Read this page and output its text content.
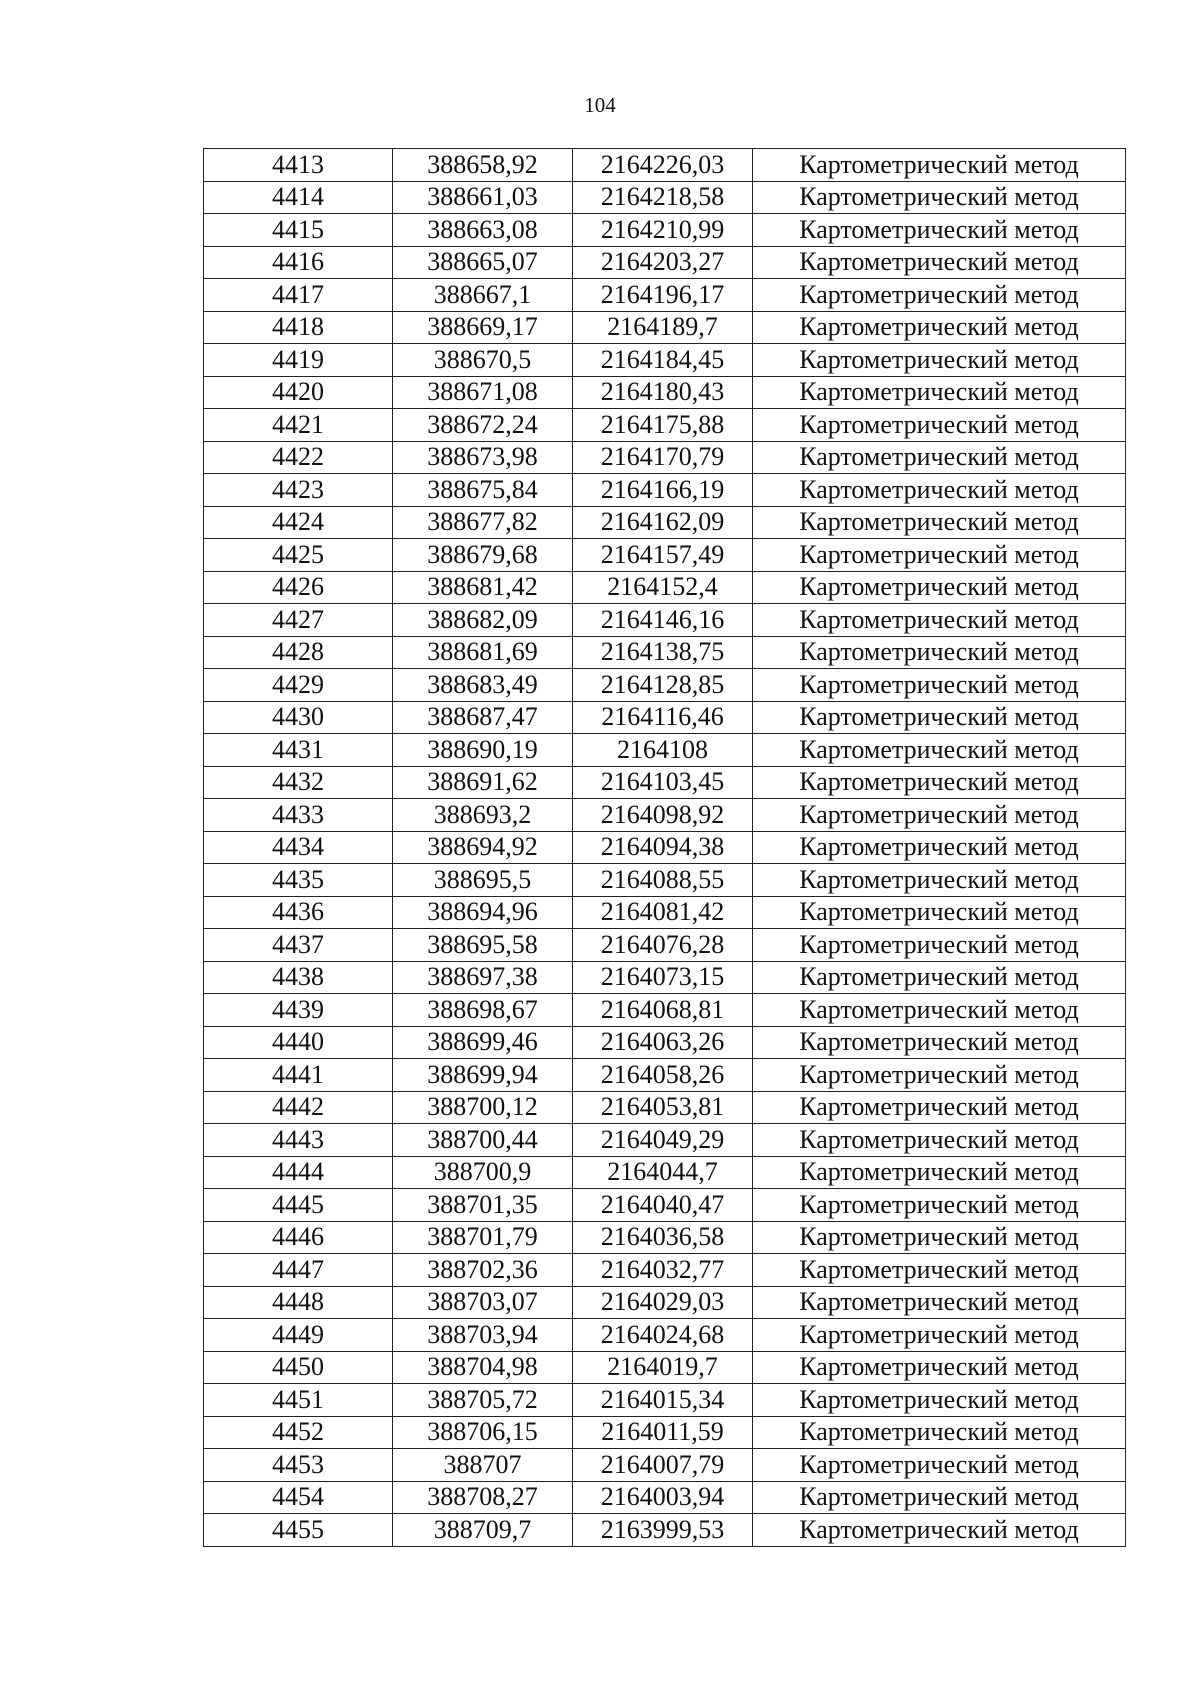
104
4413	388658,92	2164226,03	Картометрический метод
4414	388661,03	2164218,58	Картометрический метод
4415	388663,08	2164210,99	Картометрический метод
4416	388665,07	2164203,27	Картометрический метод
4417	388667,1	2164196,17	Картометрический метод
4418	388669,17	2164189,7	Картометрический метод
4419	388670,5	2164184,45	Картометрический метод
4420	388671,08	2164180,43	Картометрический метод
4421	388672,24	2164175,88	Картометрический метод
4422	388673,98	2164170,79	Картометрический метод
4423	388675,84	2164166,19	Картометрический метод
4424	388677,82	2164162,09	Картометрический метод
4425	388679,68	2164157,49	Картометрический метод
4426	388681,42	2164152,4	Картометрический метод
4427	388682,09	2164146,16	Картометрический метод
4428	388681,69	2164138,75	Картометрический метод
4429	388683,49	2164128,85	Картометрический метод
4430	388687,47	2164116,46	Картометрический метод
4431	388690,19	2164108	Картометрический метод
4432	388691,62	2164103,45	Картометрический метод
4433	388693,2	2164098,92	Картометрический метод
4434	388694,92	2164094,38	Картометрический метод
4435	388695,5	2164088,55	Картометрический метод
4436	388694,96	2164081,42	Картометрический метод
4437	388695,58	2164076,28	Картометрический метод
4438	388697,38	2164073,15	Картометрический метод
4439	388698,67	2164068,81	Картометрический метод
4440	388699,46	2164063,26	Картометрический метод
4441	388699,94	2164058,26	Картометрический метод
4442	388700,12	2164053,81	Картометрический метод
4443	388700,44	2164049,29	Картометрический метод
4444	388700,9	2164044,7	Картометрический метод
4445	388701,35	2164040,47	Картометрический метод
4446	388701,79	2164036,58	Картометрический метод
4447	388702,36	2164032,77	Картометрический метод
4448	388703,07	2164029,03	Картометрический метод
4449	388703,94	2164024,68	Картометрический метод
4450	388704,98	2164019,7	Картометрический метод
4451	388705,72	2164015,34	Картометрический метод
4452	388706,15	2164011,59	Картометрический метод
4453	388707	2164007,79	Картометрический метод
4454	388708,27	2164003,94	Картометрический метод
4455	388709,7	2163999,53	Картометрический метод
